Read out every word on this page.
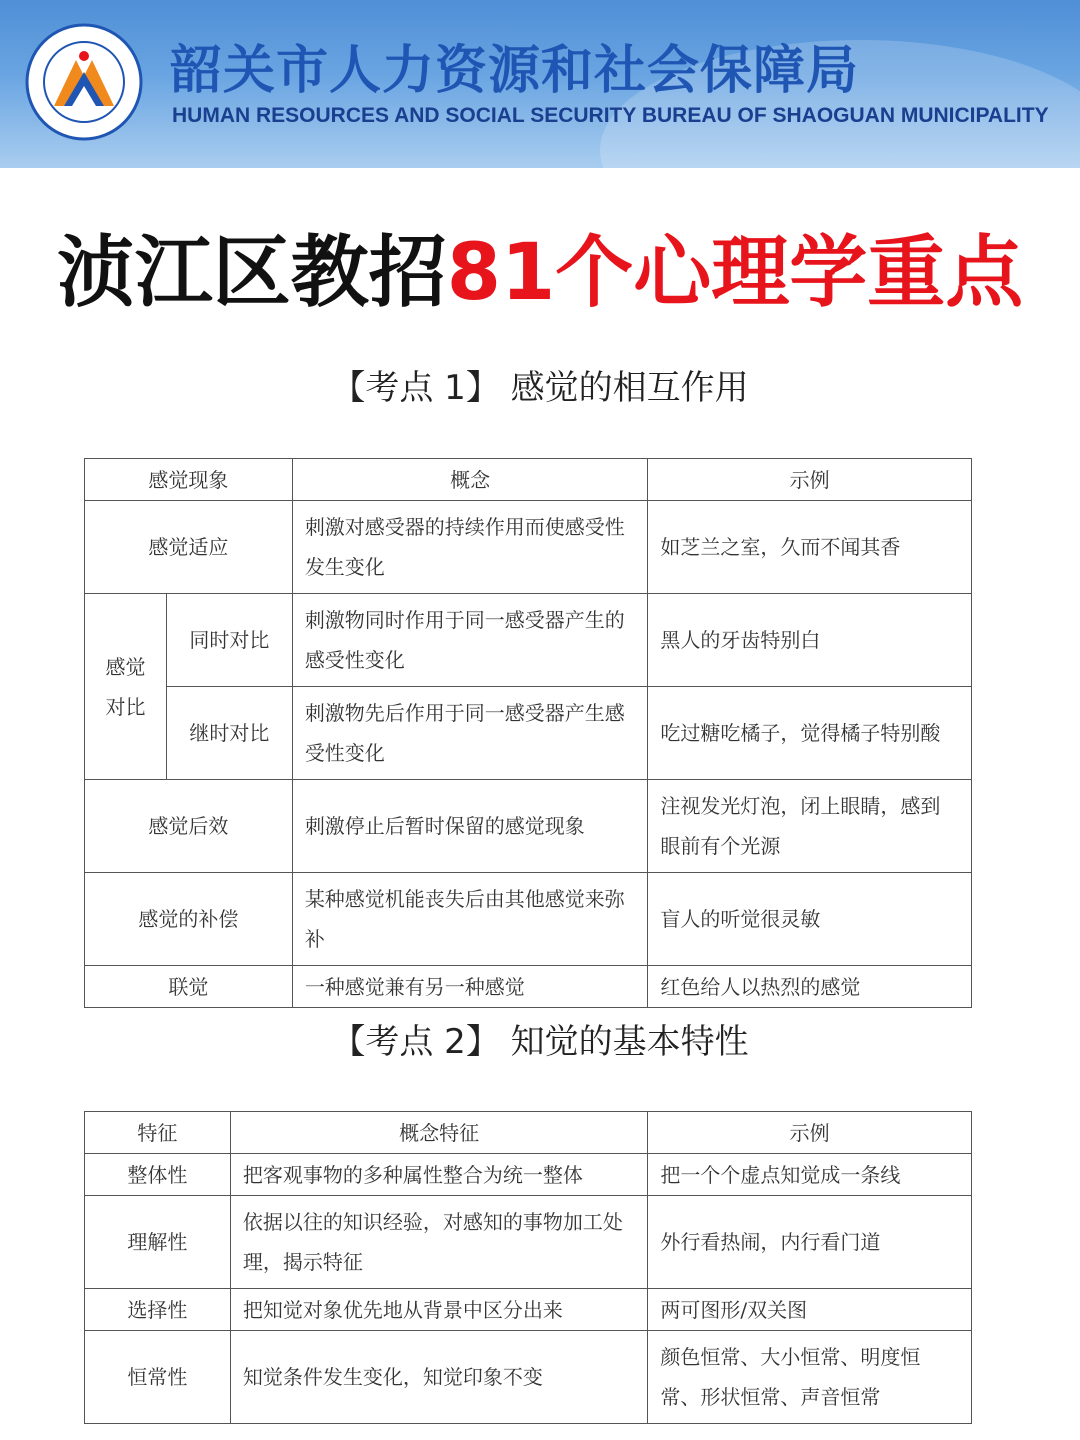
韶关市人力资源和社会保障局
HUMAN RESOURCES AND SOCIAL SECURITY BUREAU OF SHAOGUAN MUNICIPALITY
浈江区教招81个心理学重点
【考点 1】 感觉的相互作用
感觉现象		概念	示例
感觉适应		刺激对感受器的持续作用而使感受性发生变化	如芝兰之室，久而不闻其香
感觉对比	同时对比	刺激物同时作用于同一感受器产生的感受性变化	黑人的牙齿特别白
	继时对比	刺激物先后作用于同一感受器产生感受性变化	吃过糖吃橘子，觉得橘子特别酸
感觉后效		刺激停止后暂时保留的感觉现象	注视发光灯泡，闭上眼睛，感到眼前有个光源
感觉的补偿		某种感觉机能丧失后由其他感觉来弥补	盲人的听觉很灵敏
联觉		一种感觉兼有另一种感觉	红色给人以热烈的感觉
【考点 2】 知觉的基本特性
特征	概念特征	示例
整体性	把客观事物的多种属性整合为统一整体	把一个个虚点知觉成一条线
理解性	依据以往的知识经验，对感知的事物加工处理，揭示特征	外行看热闹，内行看门道
选择性	把知觉对象优先地从背景中区分出来	两可图形/双关图
恒常性	知觉条件发生变化，知觉印象不变	颜色恒常、大小恒常、明度恒常、形状恒常、声音恒常
